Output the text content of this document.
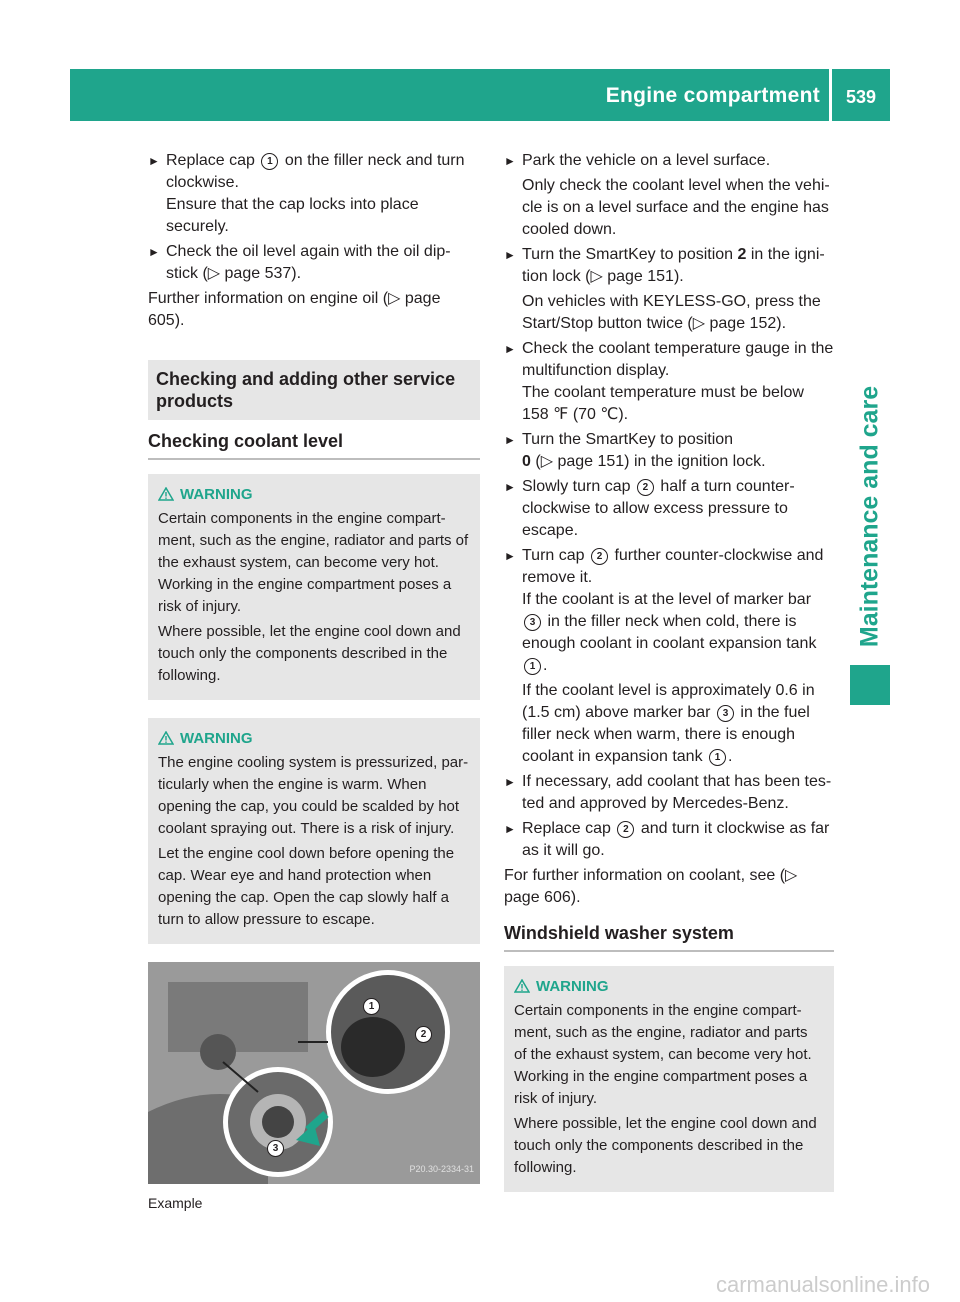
Engine compartment	539
Maintenance and care
► Replace cap 1 on the filler neck and turn clockwise.
Ensure that the cap locks into place securely.
► Check the oil level again with the oil dip-stick (▷ page 537).

Further information on engine oil (▷ page 605).

Checking and adding other service products
Checking coolant level
WARNING

Certain components in the engine compart-ment, such as the engine, radiator and parts of the exhaust system, can become very hot. Working in the engine compartment poses a risk of injury.

Where possible, let the engine cool down and touch only the components described in the following.

WARNING

The engine cooling system is pressurized, par-ticularly when the engine is warm. When opening the cap, you could be scalded by hot coolant spraying out. There is a risk of injury.

Let the engine cool down before opening the cap. Wear eye and hand protection when opening the cap. Open the cap slowly half a turn to allow pressure to escape.

1
2
3
P20.30-2334-31
Example
► Park the vehicle on a level surface.
Only check the coolant level when the vehi-cle is on a level surface and the engine has cooled down.
► Turn the SmartKey to position 2 in the igni-tion lock (▷ page 151).
On vehicles with KEYLESS-GO, press the Start/Stop button twice (▷ page 152).
► Check the coolant temperature gauge in the multifunction display.
The coolant temperature must be below 158 ℉ (70 ℃).
► Turn the SmartKey to position
0 (▷ page 151) in the ignition lock.
► Slowly turn cap 2 half a turn counter-clockwise to allow excess pressure to escape.
► Turn cap 2 further counter-clockwise and remove it.
If the coolant is at the level of marker bar 3 in the filler neck when cold, there is enough coolant in coolant expansion tank 1 .
If the coolant level is approximately 0.6 in (1.5 cm) above marker bar 3 in the fuel filler neck when warm, there is enough coolant in expansion tank 1 .
► If necessary, add coolant that has been tes-ted and approved by Mercedes-Benz.
► Replace cap 2 and turn it clockwise as far as it will go.

For further information on coolant, see (▷ page 606).

Windshield washer system
WARNING

Certain components in the engine compart-ment, such as the engine, radiator and parts of the exhaust system, can become very hot. Working in the engine compartment poses a risk of injury.

Where possible, let the engine cool down and touch only the components described in the following.

carmanualsonline.info
